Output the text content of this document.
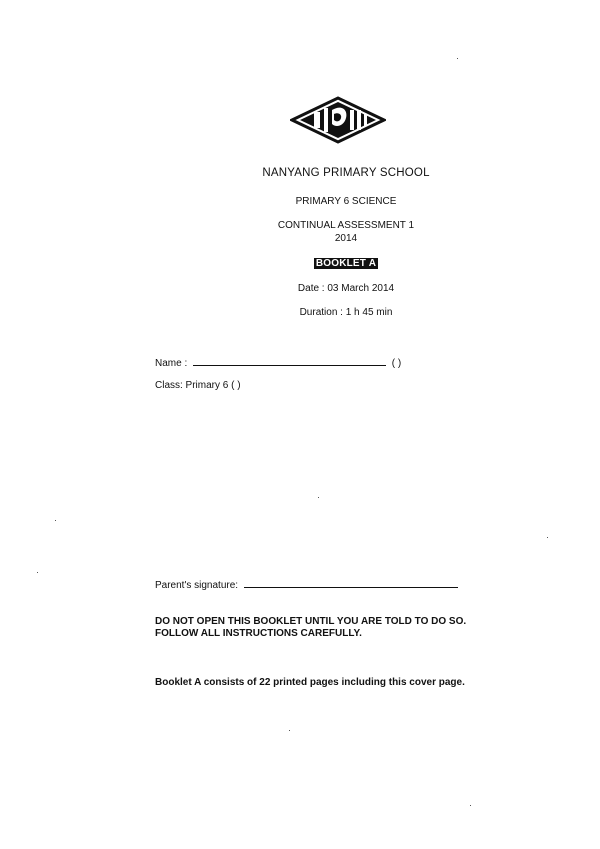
NANYANG PRIMARY SCHOOL
PRIMARY 6 SCIENCE
CONTINUAL ASSESSMENT 1
2014
BOOKLET A
Date : 03 March 2014
Duration : 1 h 45 min
Name :	( )
Class: Primary 6 ( )
Parent's signature:
DO NOT OPEN THIS BOOKLET UNTIL YOU ARE TOLD TO DO SO.
FOLLOW ALL INSTRUCTIONS CAREFULLY.
Booklet A consists of 22 printed pages including this cover page.
